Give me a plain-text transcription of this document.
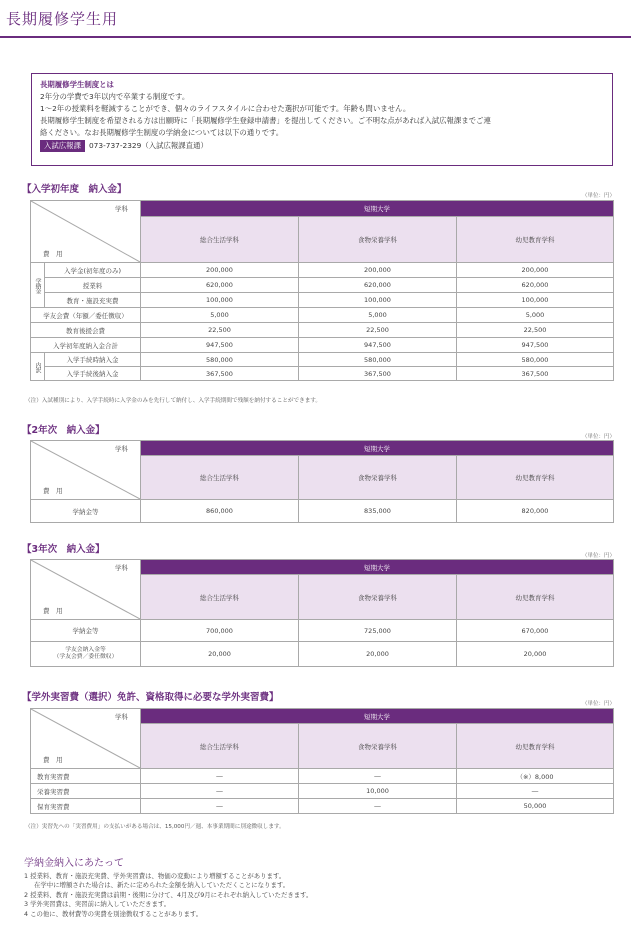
長期履修学生用
長期履修学生制度とは
2年分の学費で3年以内で卒業する制度です。
1～2年の授業料を軽減することができ、個々のライフスタイルに合わせた選択が可能です。年齢も問いません。
長期履修学生制度を希望される方は出願時に「長期履修学生登録申請書」を提出してください。ご不明な点があれば入試広報課までご連
絡ください。なお長期履修学生制度の学納金については以下の通りです。
入試広報課 073-737-2329（入試広報課直通）
【入学初年度　納入金】
（単位：円）
学科
費　用		短期大学		
		総合生活学科	食物栄養学科	幼児教育学科
学納金	入学金(初年度のみ)	200,000	200,000	200,000
	授業料	620,000	620,000	620,000
	教育・施設充実費	100,000	100,000	100,000
学友会費（年額／委任徴収）		5,000	5,000	5,000
教育後援会費		22,500	22,500	22,500
入学初年度納入金合計		947,500	947,500	947,500
内訳	入学手続時納入金	580,000	580,000	580,000
	入学手続後納入金	367,500	367,500	367,500
（注）入試種別により、入学手続時に入学金のみを先行して納付し、入学手続期間で残額を納付することができます。
【2年次　納入金】
（単位：円）
学科
費　用	短期大学		
	総合生活学科	食物栄養学科	幼児教育学科
学納金等	860,000	835,000	820,000
【3年次　納入金】
（単位：円）
学科
費　用	短期大学		
	総合生活学科	食物栄養学科	幼児教育学科
学納金等	700,000	725,000	670,000
学友会納入金等
（学友会費／委任徴収）	20,000	20,000	20,000
【学外実習費（選択）免許、資格取得に必要な学外実習費】
（単位：円）
学科
費　用	短期大学		
	総合生活学科	食物栄養学科	幼児教育学科
教育実習費	―	―	（※）8,000
栄養実習費	―	10,000	―
保育実習費	―	―	50,000
（注）実習先への「実習費用」の支払いがある場合は、15,000円／週、本事業期間に別途徴収します。
学納金納入にあたって
1 授業料、教育・施設充実費、学外実習費は、物価の変動により増額することがあります。
在学中に増額された場合は、新たに定められた金額を納入していただくことになります。
2 授業料、教育・施設充実費は前期・後期に分けて、4月及び9月にそれぞれ納入していただきます。
3 学外実習費は、実習前に納入していただきます。
4 この他に、教材費等の実費を別途徴収することがあります。
